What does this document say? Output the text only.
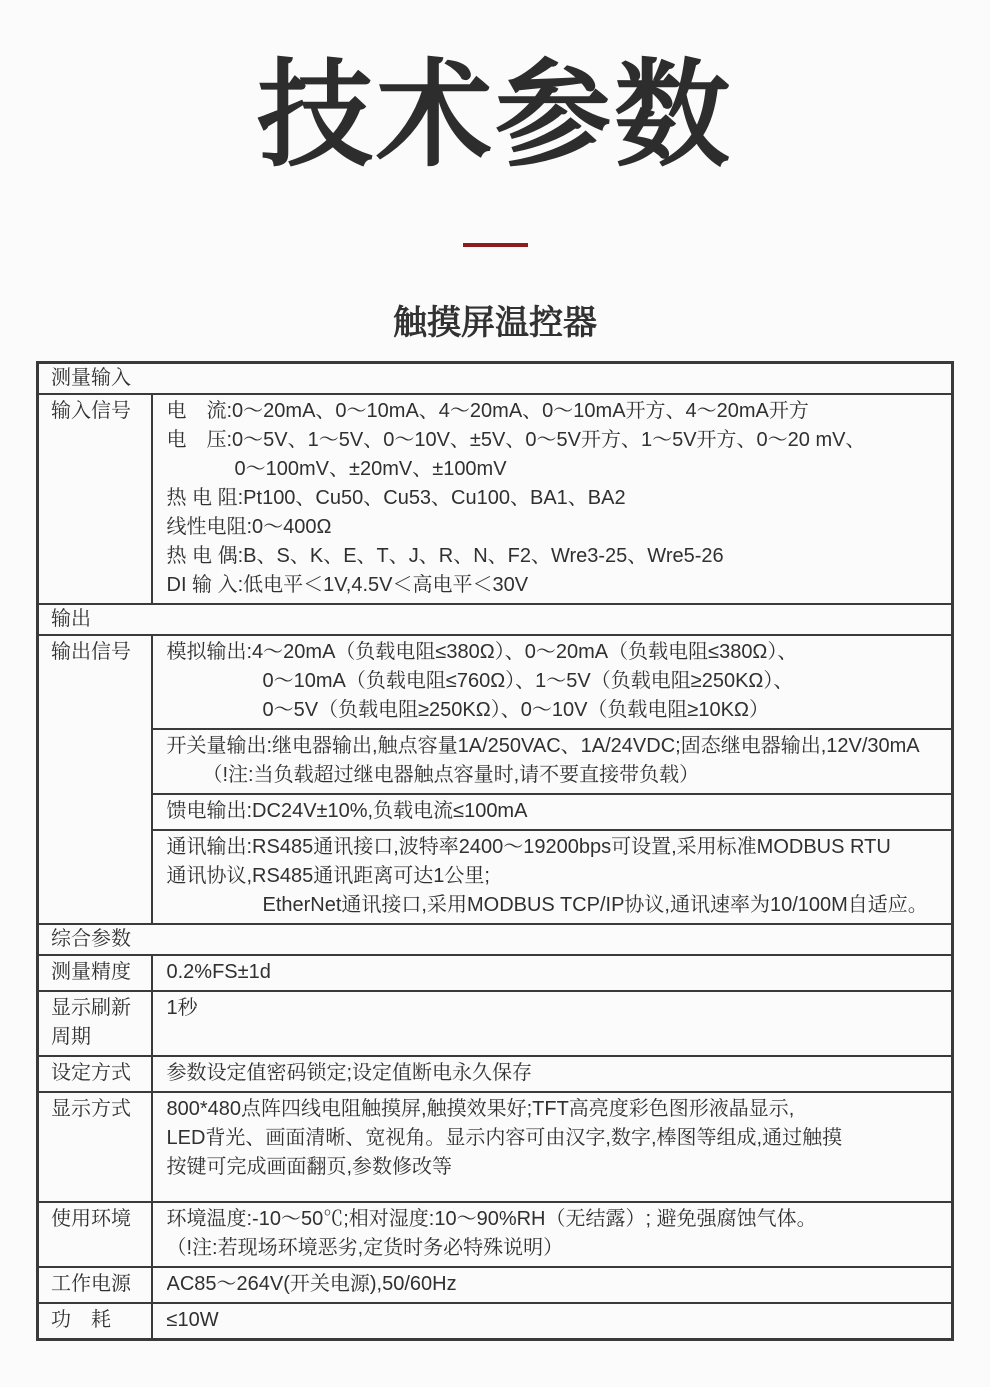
技术参数
触摸屏温控器
测量输入	
输入信号	电　流:0～20mA、0～10mA、4～20mA、0～10mA开方、4～20mA开方
电　压:0～5V、1～5V、0～10V、±5V、0～5V开方、1～5V开方、0～20 mV、
0～100mV、±20mV、±100mV
热 电 阻:Pt100、Cu50、Cu53、Cu100、BA1、BA2
线性电阻:0～400Ω
热 电 偶:B、S、K、E、T、J、R、N、F2、Wre3-25、Wre5-26
DI 输 入:低电平＜1V,4.5V＜高电平＜30V

输出	
输出信号	模拟输出:4～20mA（负载电阻≤380Ω）、0～20mA（负载电阻≤380Ω）、
0～10mA（负载电阻≤760Ω）、1～5V（负载电阻≥250KΩ）、
0～5V（负载电阻≥250KΩ）、0～10V（负载电阻≥10KΩ）

	开关量输出:继电器输出,触点容量1A/250VAC、1A/24VDC;固态继电器输出,12V/30mA
（!注:当负载超过继电器触点容量时,请不要直接带负载）

	馈电输出:DC24V±10%,负载电流≤100mA

	通讯输出:RS485通讯接口,波特率2400～19200bps可设置,采用标准MODBUS RTU
通讯协议,RS485通讯距离可达1公里;
EtherNet通讯接口,采用MODBUS TCP/IP协议,通讯速率为10/100M自适应。

综合参数	
测量精度	0.2%FS±1d

显示刷新周期	1秒

设定方式	参数设定值密码锁定;设定值断电永久保存

显示方式	800*480点阵四线电阻触摸屏,触摸效果好;TFT高亮度彩色图形液晶显示,
LED背光、画面清晰、宽视角。显示内容可由汉字,数字,棒图等组成,通过触摸
按键可完成画面翻页,参数修改等

使用环境	环境温度:-10～50℃;相对湿度:10～90%RH（无结露）; 避免强腐蚀气体。
（!注:若现场环境恶劣,定货时务必特殊说明）

工作电源	AC85～264V(开关电源),50/60Hz

功　耗	≤10W
